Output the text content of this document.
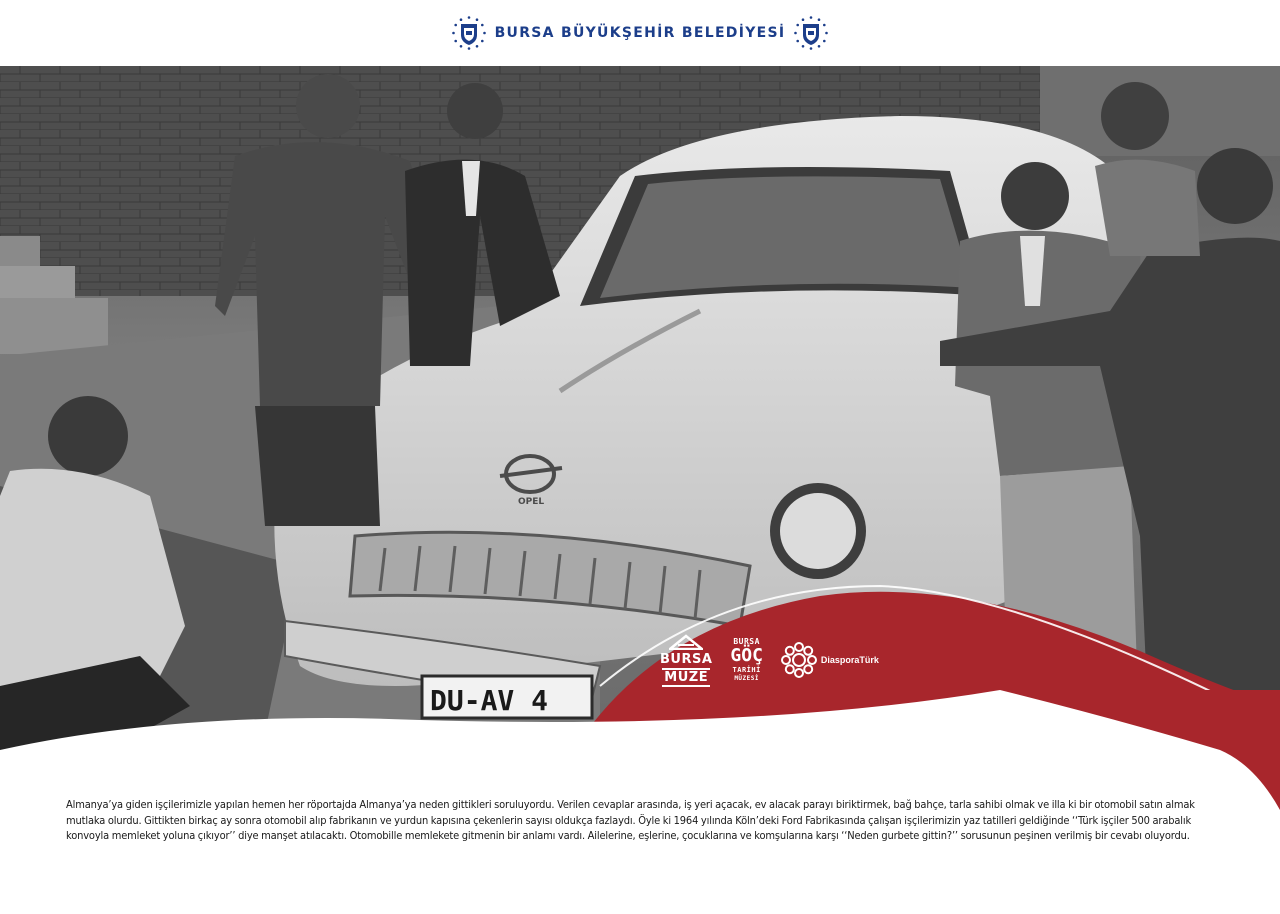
BURSA BÜYÜKŞEHİR BELEDİYESİ
OPEL
DU-AV 4
BURSA
MÜZE
BURSA
GÖÇ
TARİHİ
MÜZESİ
DiasporaTürk

Almanya’ya giden işçilerimizle yapılan hemen her röportajda Almanya’ya neden gittikleri soruluyordu. Verilen cevaplar arasında, iş yeri açacak, ev alacak parayı biriktirmek, bağ bahçe, tarla sahibi olmak ve illa ki bir otomobil satın almak mutlaka olurdu. Gittikten birkaç ay sonra otomobil alıp fabrikanın ve yurdun kapısına çekenlerin sayısı oldukça fazlaydı. Öyle ki 1964 yılında Köln’deki Ford Fabrikasında çalışan işçilerimizin yaz tatilleri geldiğinde ‘‘Türk işçiler 500 arabalık konvoyla memleket yoluna çıkıyor’’ diye manşet atılacaktı. Otomobille memlekete gitmenin bir anlamı vardı. Ailelerine, eşlerine, çocuklarına ve komşularına karşı ‘‘Neden gurbete gittin?’’ sorusunun peşinen verilmiş bir cevabı oluyordu.
